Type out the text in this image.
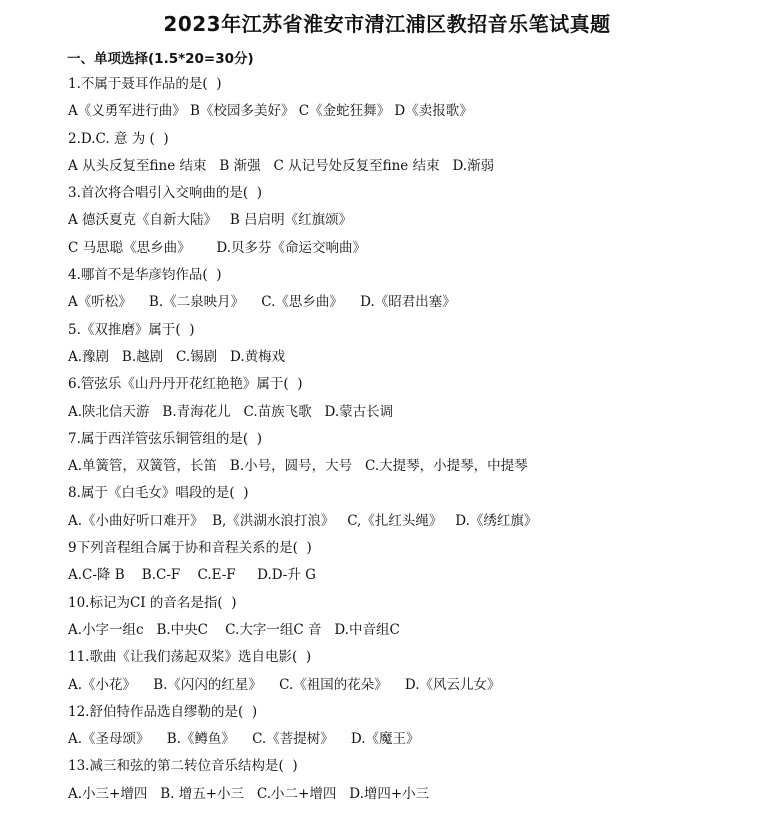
2023年江苏省淮安市清江浦区教招音乐笔试真题
一、单项选择(1.5*20=30分)
1.不属于聂耳作品的是(  )
A《义勇军进行曲》 B《校园多美好》 C《金蛇狂舞》 D《卖报歌》
2.D.C. 意 为 (  )
A 从头反复至fine 结束   B 渐强   C 从记号处反复至fine 结束   D.渐弱
3.首次将合唱引入交响曲的是(  )
A 德沃夏克《自新大陆》   B 吕启明《红旗颂》
C 马思聪《思乡曲》      D.贝多芬《命运交响曲》
4.哪首不是华彦钧作品(  )
A《听松》    B.《二泉映月》    C.《思乡曲》    D.《昭君出塞》
5.《双推磨》属于(  )
A.豫剧   B.越剧   C.锡剧   D.黄梅戏
6.管弦乐《山丹丹开花红艳艳》属于(  )
A.陕北信天游   B.青海花儿   C.苗族飞歌   D.蒙古长调
7.属于西洋管弦乐铜管组的是(  )
A.单簧管，双簧管，长笛   B.小号，圆号，大号   C.大提琴，小提琴，中提琴
8.属于《白毛女》唱段的是(  )
A.《小曲好听口难开》  B,《洪湖水浪打浪》   C,《扎红头绳》   D.《绣红旗》
9下列音程组合属于协和音程关系的是(  )
A.C-降 B    B.C-F    C.E-F     D.D-升 G
10.标记为CI 的音名是指(  )
A.小字一组c   B.中央C    C.大字一组C 音   D.中音组C
11.歌曲《让我们荡起双桨》选自电影(  )
A.《小花》    B.《闪闪的红星》    C.《祖国的花朵》    D.《风云儿女》
12.舒伯特作品选自缪勒的是(  )
A.《圣母颂》    B.《鳟鱼》    C.《菩提树》    D.《魔王》
13.减三和弦的第二转位音乐结构是(  )
A.小三+增四   B. 增五+小三   C.小二+增四   D.增四+小三
